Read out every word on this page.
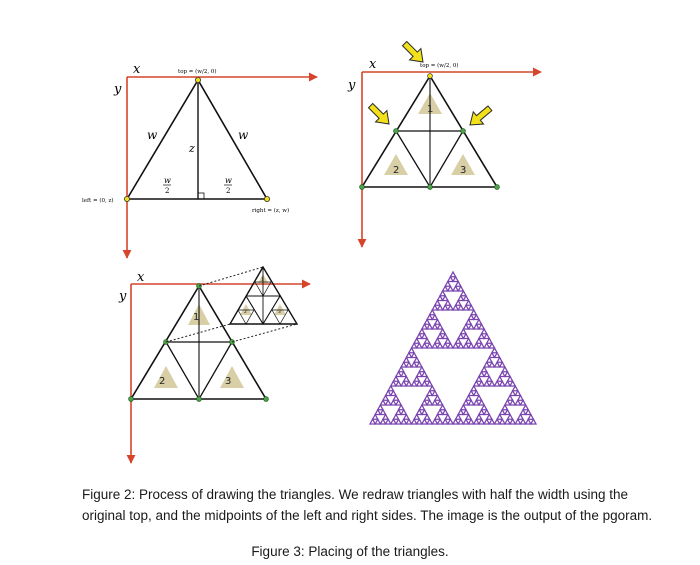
x
y
top = (w/2, 0)
left = (0, z)
right = (z, w)
w	w
z
w
2
w
2
x
y
top = (w/2, 0)
1
2	3
x
y
1
2	3
1
2	3
Figure 2: Process of drawing the triangles. We redraw triangles with half the width using the original top, and the midpoints of the left and right sides. The image is the output of the pgoram.
Figure 3: Placing of the triangles.
